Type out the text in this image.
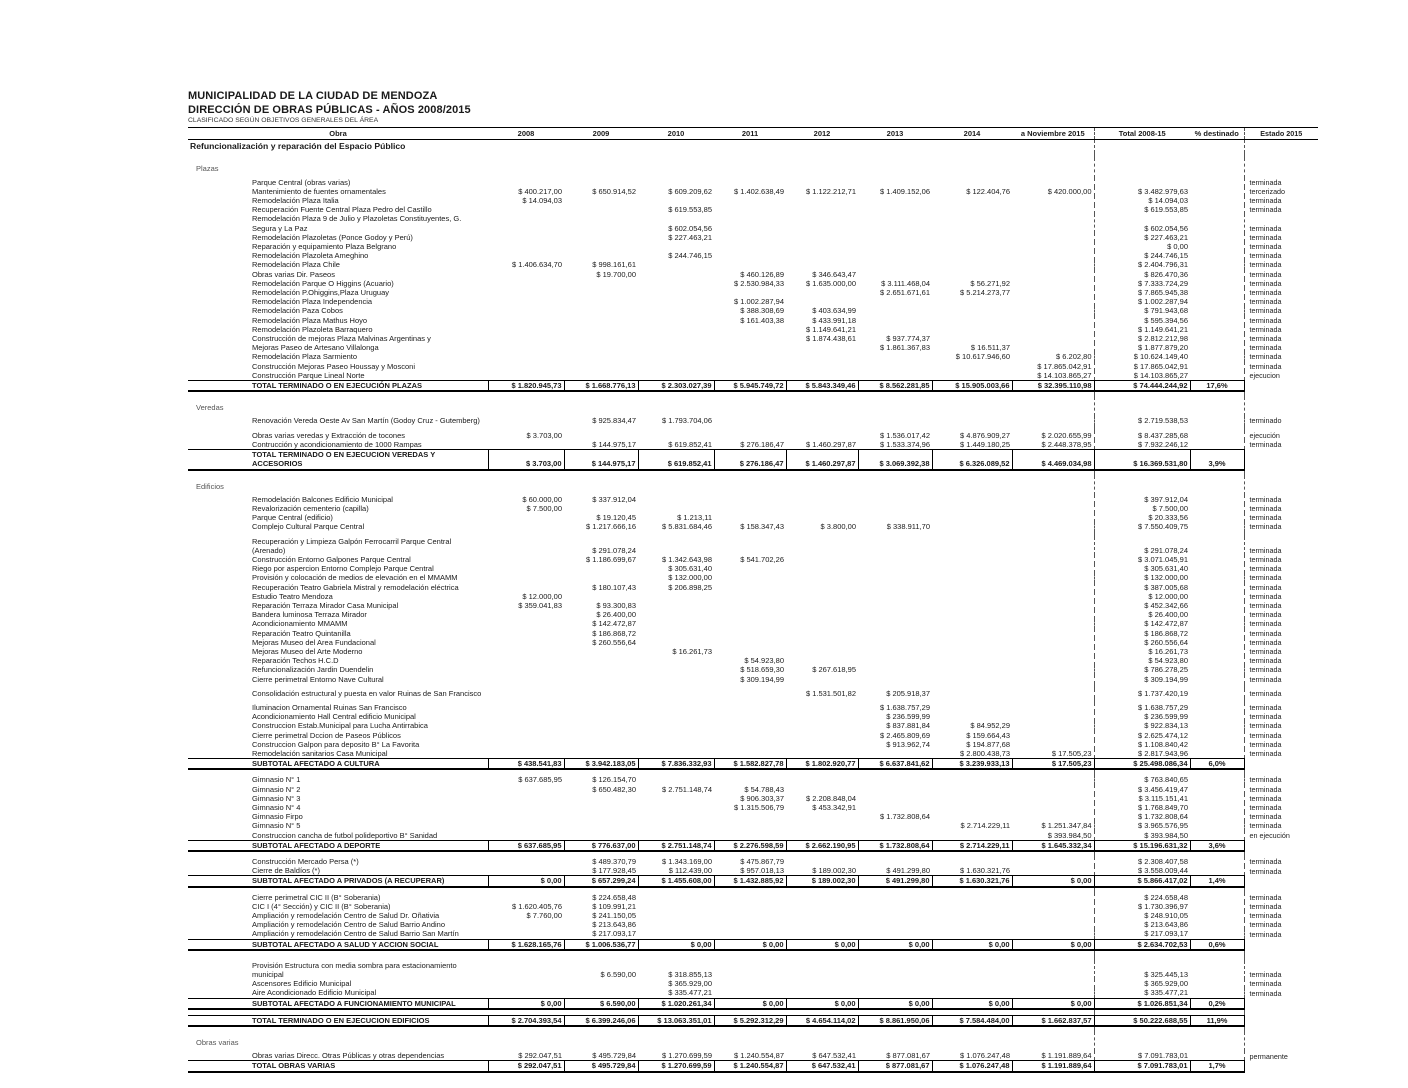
MUNICIPALIDAD DE LA CIUDAD DE MENDOZA
DIRECCIÓN DE OBRAS PÚBLICAS - AÑOS 2008/2015
CLASIFICADO SEGÚN OBJETIVOS GENERALES DEL ÁREA
Obra	2008	2009	2010	2011	2012	2013	2014	a Noviembre 2015	Total 2008-15	% destinado	Estado 2015
Refuncionalización y reparación del Espacio Público											

Plazas											
Parque Central (obras varias)											terminada
Mantenimiento de fuentes ornamentales	$ 400.217,00	$ 650.914,52	$ 609.209,62	$ 1.402.638,49	$ 1.122.212,71	$ 1.409.152,06	$ 122.404,76	$ 420.000,00	$ 3.482.979,63		tercerizado
Remodelación Plaza Italia	$ 14.094,03								$ 14.094,03		terminada
Recuperación Fuente Central Plaza Pedro del Castillo			$ 619.553,85						$ 619.553,85		terminada
Remodelación Plaza 9 de Julio y Plazoletas Constituyentes, G. Segura y La Paz			$ 602.054,56						$ 602.054,56		terminada
Remodelación Plazoletas (Ponce Godoy y Perú)			$ 227.463,21						$ 227.463,21		terminada
Reparación y equipamiento Plaza Belgrano									$ 0,00		terminada
Remodelación Plazoleta Ameghino			$ 244.746,15						$ 244.746,15		terminada
Remodelación Plaza Chile	$ 1.406.634,70	$ 998.161,61							$ 2.404.796,31		terminada
Obras varias Dir. Paseos		$ 19.700,00		$ 460.126,89	$ 346.643,47				$ 826.470,36		terminada
Remodelación Parque O Higgins (Acuario)				$ 2.530.984,33	$ 1.635.000,00	$ 3.111.468,04	$ 56.271,92		$ 7.333.724,29		terminada
Remodelación P.Ohiggins,Plaza Uruguay						$ 2.651.671,61	$ 5.214.273,77		$ 7.865.945,38		terminada
Remodelación Plaza Independencia				$ 1.002.287,94					$ 1.002.287,94		terminada
Remodelación Paza Cobos				$ 388.308,69	$ 403.634,99				$ 791.943,68		terminada
Remodelación Plaza Mathus Hoyo				$ 161.403,38	$ 433.991,18				$ 595.394,56		terminada
Remodelación Plazoleta Barraquero					$ 1.149.641,21				$ 1.149.641,21		terminada
Construcción de mejoras Plaza Malvinas Argentinas y					$ 1.874.438,61	$ 937.774,37			$ 2.812.212,98		terminada
Mejoras Paseo de Artesano Villalonga						$ 1.861.367,83	$ 16.511,37		$ 1.877.879,20		terminada
Remodelación Plaza Sarmiento							$ 10.617.946,60	$ 6.202,80	$ 10.624.149,40		terminada
Construcción Mejoras Paseo Houssay y Mosconi								$ 17.865.042,91	$ 17.865.042,91		terminada
Construcción Parque Lineal Norte								$ 14.103.865,27	$ 14.103.865,27		ejecucion
TOTAL TERMINADO O EN EJECUCIÓN PLAZAS	$ 1.820.945,73	$ 1.668.776,13	$ 2.303.027,39	$ 5.945.749,72	$ 5.843.349,46	$ 8.562.281,85	$ 15.905.003,66	$ 32.395.110,98	$ 74.444.244,92	17,6%	

Veredas											
Renovación Vereda Oeste Av San Martín (Godoy Cruz - Gutemberg)		$ 925.834,47	$ 1.793.704,06						$ 2.719.538,53		terminado

Obras varias veredas y Extracción de tocones	$ 3.703,00					$ 1.536.017,42	$ 4.876.909,27	$ 2.020.655,99	$ 8.437.285,68		ejecución
Contrucción y acondicionamiento de 1000 Rampas		$ 144.975,17	$ 619.852,41	$ 276.186,47	$ 1.460.297,87	$ 1.533.374,96	$ 1.449.180,25	$ 2.448.378,95	$ 7.932.246,12		terminada
TOTAL TERMINADO O EN EJECUCION VEREDAS Y ACCESORIOS	$ 3.703,00	$ 144.975,17	$ 619.852,41	$ 276.186,47	$ 1.460.297,87	$ 3.069.392,38	$ 6.326.089,52	$ 4.469.034,98	$ 16.369.531,80	3,9%	

Edificios											
Remodelación Balcones Edificio Municipal	$ 60.000,00	$ 337.912,04							$ 397.912,04		terminada
Revalorización cementerio (capilla)	$ 7.500,00								$ 7.500,00		terminada
Parque Central (edificio)		$ 19.120,45	$ 1.213,11						$ 20.333,56		terminada
Complejo Cultural Parque Central		$ 1.217.666,16	$ 5.831.684,46	$ 158.347,43	$ 3.800,00	$ 338.911,70			$ 7.550.409,75		terminada

Recuperación y Limpieza Galpón Ferrocarril Parque Central (Arenado)		$ 291.078,24							$ 291.078,24		terminada
Construcción Entorno Galpones Parque Central		$ 1.186.699,67	$ 1.342.643,98	$ 541.702,26					$ 3.071.045,91		terminada
Riego por aspercion Entorno Complejo Parque Central			$ 305.631,40						$ 305.631,40		terminada
Provisión y colocación de medios de elevación en el MMAMM			$ 132.000,00						$ 132.000,00		terminada
Recuperación Teatro Gabriela Mistral y remodelación eléctrica		$ 180.107,43	$ 206.898,25						$ 387.005,68		terminada
Estudio Teatro Mendoza	$ 12.000,00								$ 12.000,00		terminada
Reparación Terraza Mirador Casa Municipal	$ 359.041,83	$ 93.300,83							$ 452.342,66		terminada
Bandera luminosa Terraza Mirador		$ 26.400,00							$ 26.400,00		terminada
Acondicionamiento MMAMM		$ 142.472,87							$ 142.472,87		terminada
Reparación Teatro Quintanilla		$ 186.868,72							$ 186.868,72		terminada
Mejoras Museo del Area Fundacional		$ 260.556,64							$ 260.556,64		terminada
Mejoras Museo del Arte Moderno			$ 16.261,73						$ 16.261,73		terminada
Reparación Techos H.C.D				$ 54.923,80					$ 54.923,80		terminada
Refuncionalización Jardin Duendelin				$ 518.659,30	$ 267.618,95				$ 786.278,25		terminada
Cierre perimetral Entorno Nave Cultural				$ 309.194,99					$ 309.194,99		terminada

Consolidación estructural y puesta en valor Ruinas de San Francisco					$ 1.531.501,82	$ 205.918,37			$ 1.737.420,19		terminada

Iluminacion Ornamental Ruinas San Francisco						$ 1.638.757,29			$ 1.638.757,29		terminada
Acondicionamiento Hall Central edificio Municipal						$ 236.599,99			$ 236.599,99		terminada
Construccion Estab.Municipal para Lucha Antirrabica						$ 837.881,84	$ 84.952,29		$ 922.834,13		terminada
Cierre perimetral Dccion de Paseos Públicos						$ 2.465.809,69	$ 159.664,43		$ 2.625.474,12		terminada
Construccion Galpon para deposito B° La Favorita						$ 913.962,74	$ 194.877,68		$ 1.108.840,42		terminada
Remodelación sanitarios Casa Municipal							$ 2.800.438,73	$ 17.505,23	$ 2.817.943,96		terminada
SUBTOTAL AFECTADO A CULTURA	$ 438.541,83	$ 3.942.183,05	$ 7.836.332,93	$ 1.582.827,78	$ 1.802.920,77	$ 6.637.841,62	$ 3.239.933,13	$ 17.505,23	$ 25.498.086,34	6,0%	

Gimnasio N° 1	$ 637.685,95	$ 126.154,70							$ 763.840,65		terminada
Gimnasio N° 2		$ 650.482,30	$ 2.751.148,74	$ 54.788,43					$ 3.456.419,47		terminada
Gimnasio N° 3				$ 906.303,37	$ 2.208.848,04				$ 3.115.151,41		terminada
Gimnasio N° 4				$ 1.315.506,79	$ 453.342,91				$ 1.768.849,70		terminada
Gimnasio Firpo						$ 1.732.808,64			$ 1.732.808,64		terminada
Gimnasio N° 5							$ 2.714.229,11	$ 1.251.347,84	$ 3.965.576,95		terminada
Construccion cancha de futbol polideportivo B° Sanidad								$ 393.984,50	$ 393.984,50		en ejecución
SUBTOTAL AFECTADO A DEPORTE	$ 637.685,95	$ 776.637,00	$ 2.751.148,74	$ 2.276.598,59	$ 2.662.190,95	$ 1.732.808,64	$ 2.714.229,11	$ 1.645.332,34	$ 15.196.631,32	3,6%	

Construcción Mercado Persa (*)		$ 489.370,79	$ 1.343.169,00	$ 475.867,79					$ 2.308.407,58		terminada
Cierre de Baldíos (*)		$ 177.928,45	$ 112.439,00	$ 957.018,13	$ 189.002,30	$ 491.299,80	$ 1.630.321,76		$ 3.558.009,44		terminada
SUBTOTAL AFECTADO A PRIVADOS (A RECUPERAR)	$ 0,00	$ 657.299,24	$ 1.455.608,00	$ 1.432.885,92	$ 189.002,30	$ 491.299,80	$ 1.630.321,76	$ 0,00	$ 5.866.417,02	1,4%	

Cierre perimetral CIC II (B° Soberania)		$ 224.658,48							$ 224.658,48		terminada
CIC I (4° Sección) y CIC II (B° Soberania)	$ 1.620.405,76	$ 109.991,21							$ 1.730.396,97		terminada
Ampliación y remodelación Centro de Salud Dr. Oñativia	$ 7.760,00	$ 241.150,05							$ 248.910,05		terminada
Ampliación y remodelación Centro de Salud Barrio Andino		$ 213.643,86							$ 213.643,86		terminada
Ampliación y remodelación Centro de Salud Barrio San Martín		$ 217.093,17							$ 217.093,17		terminada
SUBTOTAL AFECTADO A SALUD Y ACCION SOCIAL	$ 1.628.165,76	$ 1.006.536,77	$ 0,00	$ 0,00	$ 0,00	$ 0,00	$ 0,00	$ 0,00	$ 2.634.702,53	0,6%	

Provisión Estructura con media sombra para estacionamiento municipal		$ 6.590,00	$ 318.855,13						$ 325.445,13		terminada
Ascensores Edificio Municipal			$ 365.929,00						$ 365.929,00		terminada
Aire Acondicionado Edificio Municipal			$ 335.477,21						$ 335.477,21		terminada
SUBTOTAL AFECTADO A FUNCIONAMIENTO MUNICIPAL	$ 0,00	$ 6.590,00	$ 1.020.261,34	$ 0,00	$ 0,00	$ 0,00	$ 0,00	$ 0,00	$ 1.026.851,34	0,2%	

TOTAL TERMINADO O EN EJECUCION EDIFICIOS	$ 2.704.393,54	$ 6.399.246,06	$ 13.063.351,01	$ 5.292.312,29	$ 4.654.114,02	$ 8.861.950,06	$ 7.584.484,00	$ 1.662.837,57	$ 50.222.688,55	11,9%	

Obras varias											
Obras varias Direcc. Otras Públicas y otras dependencias	$ 292.047,51	$ 495.729,84	$ 1.270.699,59	$ 1.240.554,87	$ 647.532,41	$ 877.081,67	$ 1.076.247,48	$ 1.191.889,64	$ 7.091.783,01		permanente
TOTAL OBRAS VARIAS	$ 292.047,51	$ 495.729,84	$ 1.270.699,59	$ 1.240.554,87	$ 647.532,41	$ 877.081,67	$ 1.076.247,48	$ 1.191.889,64	$ 7.091.783,01	1,7%	
